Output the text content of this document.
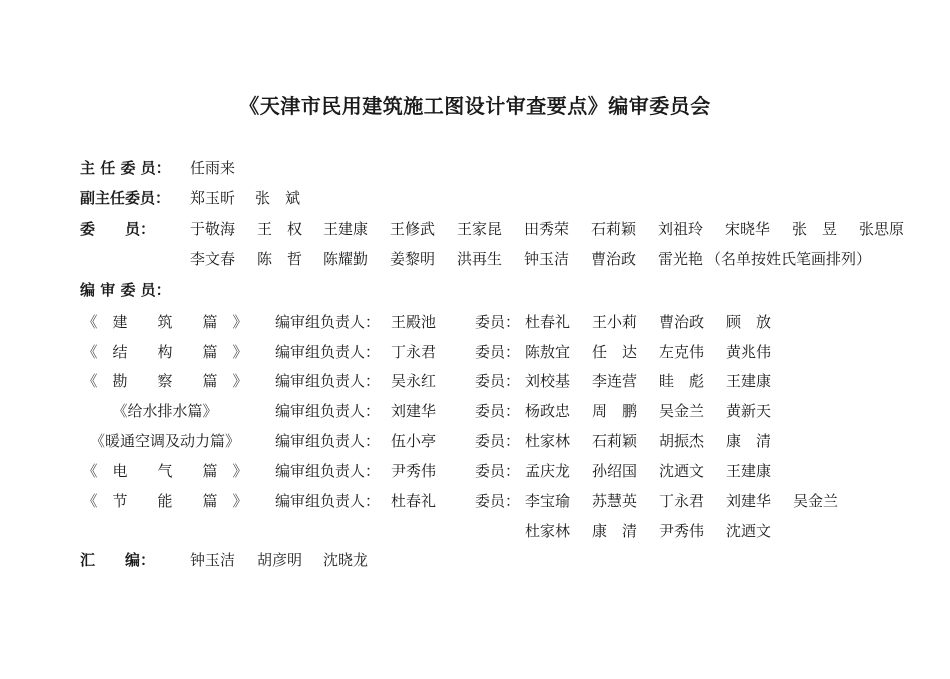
《天津市民用建筑施工图设计审查要点》编审委员会
主 任 委 员： 任雨来
副主任委员： 郑玉昕 张　斌
委　　员： 于敬海 王　权 王建康 王修武 王家昆 田秀荣 石莉颖 刘祖玲 宋晓华 张　昱 张思原
李文春 陈　哲 陈耀勤 姜黎明 洪再生 钟玉洁 曹治政 雷光艳 （名单按姓氏笔画排列）
编 审 委 员：
《　建　　筑　　篇　》 编审组负责人： 王殿池	委员： 杜春礼 王小莉 曹治政 顾　放
《　结　　构　　篇　》 编审组负责人： 丁永君	委员： 陈敖宜 任　达 左克伟 黄兆伟
《　勘　　察　　篇　》 编审组负责人： 吴永红	委员： 刘校基 李连营 眭　彪 王建康
《给水排水篇》	编审组负责人： 刘建华	委员： 杨政忠 周　鹏 吴金兰 黄新天
《暖通空调及动力篇》	编审组负责人： 伍小亭	委员： 杜家林 石莉颖 胡振杰 康　清
《　电　　气　　篇　》 编审组负责人： 尹秀伟	委员： 孟庆龙 孙绍国 沈迺文 王建康
《　节　　能　　篇　》 编审组负责人： 杜春礼	委员： 李宝瑜 苏慧英 丁永君 刘建华 吴金兰
杜家林 康　清 尹秀伟 沈迺文
汇　　编： 钟玉洁 胡彦明 沈晓龙
